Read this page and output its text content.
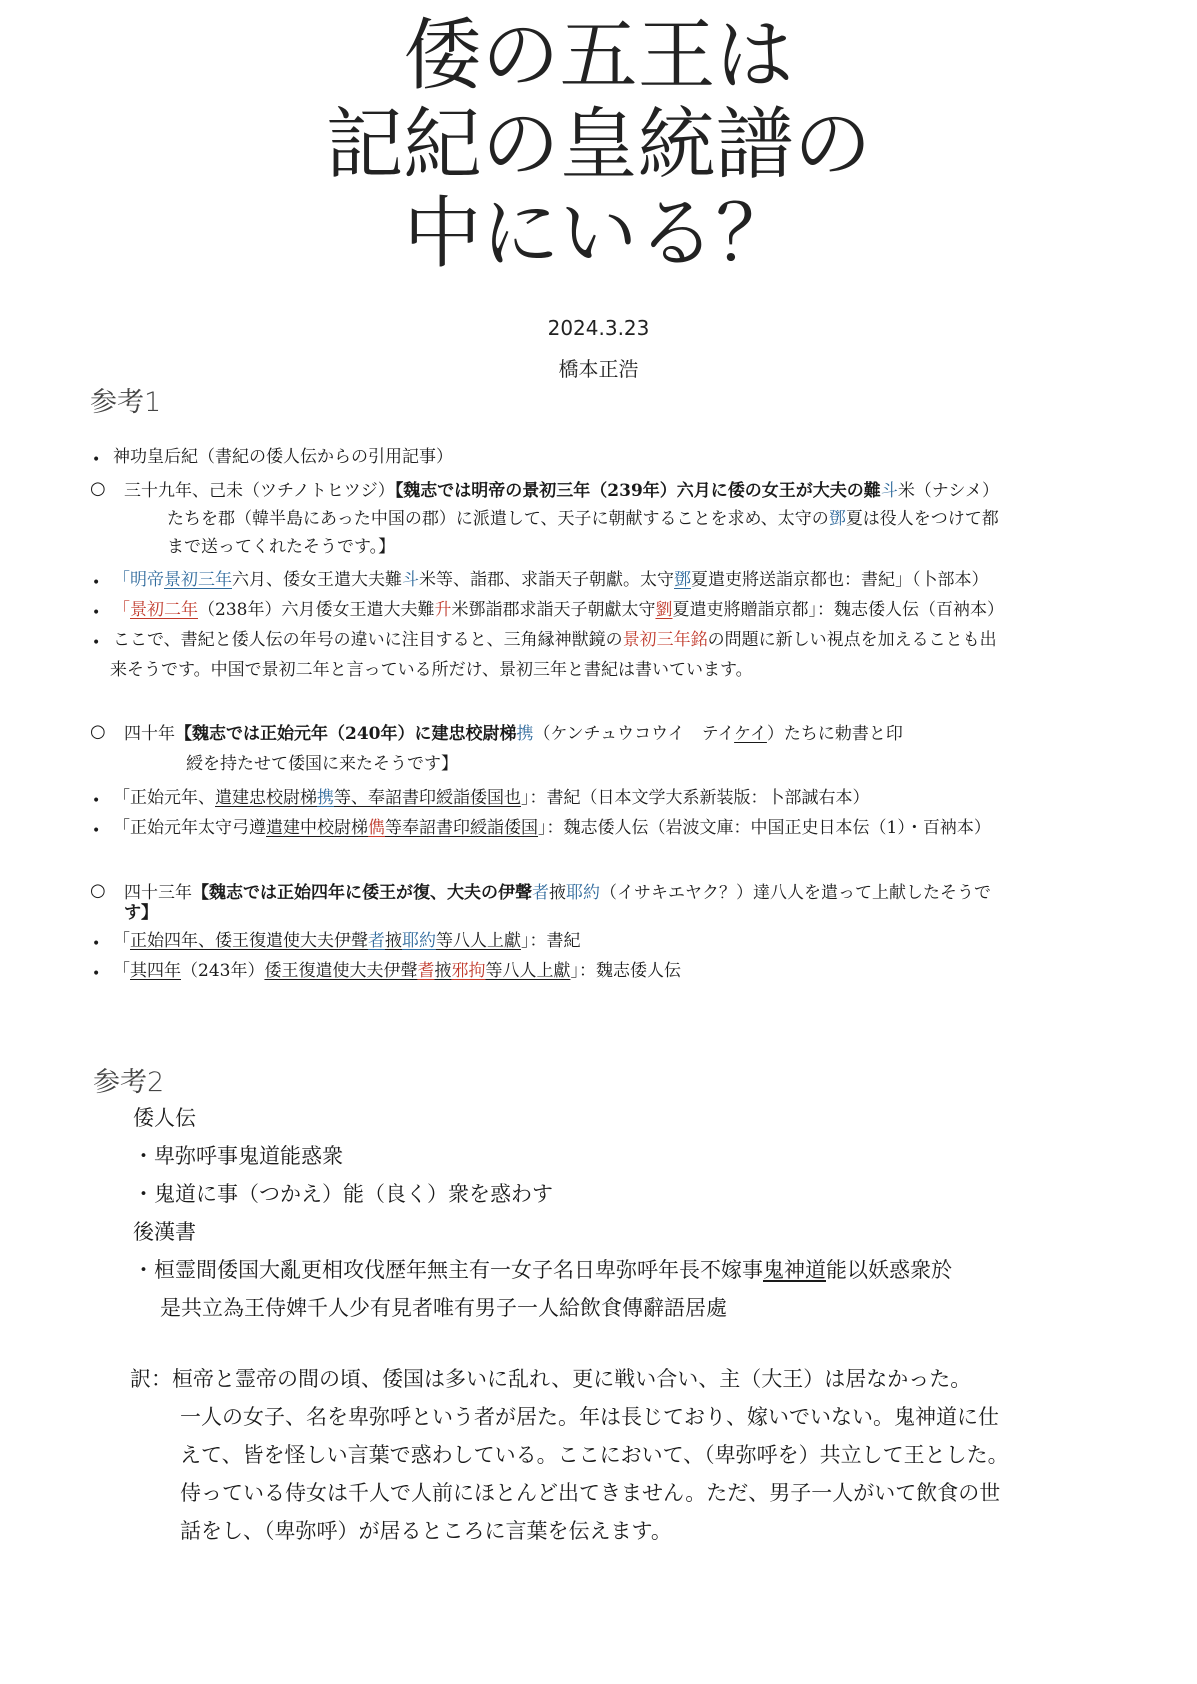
倭の五王は
記紀の皇統譜の
中にいる？
2024.3.23
橋本正浩
参考1
• 神功皇后紀（書紀の倭人伝からの引用記事）
○ 三十九年、己未（ツチノトヒツジ）【魏志では明帝の景初三年（239年）六月に倭の女王が大夫の難斗米（ナシメ）
たちを郡（韓半島にあった中国の郡）に派遣して、天子に朝献することを求め、太守の鄧夏は役人をつけて都
まで送ってくれたそうです。】
• 「明帝景初三年六月、倭女王遣大夫難斗米等、詣郡、求詣天子朝獻。太守鄧夏遣吏將送詣京都也：書紀」（卜部本）
• 「景初二年（238年）六月倭女王遣大夫難升米鄧詣郡求詣天子朝獻太守劉夏遣吏將贈詣京都」：魏志倭人伝（百衲本）
• ここで、書紀と倭人伝の年号の違いに注目すると、三角縁神獣鏡の景初三年銘の問題に新しい視点を加えることも出
来そうです。中国で景初二年と言っている所だけ、景初三年と書紀は書いています。
○ 四十年【魏志では正始元年（240年）に建忠校尉梯携（ケンチュウコウイ　テイケイ）たちに勅書と印
綬を持たせて倭国に来たそうです】
• 「正始元年、遣建忠校尉梯携等、奉詔書印綬詣倭国也」：書紀（日本文学大系新装版：卜部誠右本）
• 「正始元年太守弓遵遣建中校尉梯儁等奉詔書印綬詣倭国」：魏志倭人伝（岩波文庫：中国正史日本伝（1）・百衲本）
○ 四十三年【魏志では正始四年に倭王が復、大夫の伊聲者掖耶約（イサキエヤク？）達八人を遣って上献したそうで
す】
• 「正始四年、倭王復遣使大夫伊聲者掖耶約等八人上獻」：書紀
• 「其四年（243年）倭王復遣使大夫伊聲耆掖邪拘等八人上獻」：魏志倭人伝
参考2
倭人伝
・卑弥呼事鬼道能惑衆
・鬼道に事（つかえ）能（良く）衆を惑わす
後漢書
・桓霊間倭国大亂更相攻伐歴年無主有一女子名日卑弥呼年長不嫁事鬼神道能以妖惑衆於
是共立為王侍婢千人少有見者唯有男子一人給飲食傳辭語居處
訳：桓帝と霊帝の間の頃、倭国は多いに乱れ、更に戦い合い、主（大王）は居なかった。
一人の女子、名を卑弥呼という者が居た。年は長じており、嫁いでいない。鬼神道に仕
えて、皆を怪しい言葉で惑わしている。ここにおいて、（卑弥呼を）共立して王とした。
侍っている侍女は千人で人前にほとんど出てきません。ただ、男子一人がいて飲食の世
話をし、（卑弥呼）が居るところに言葉を伝えます。
